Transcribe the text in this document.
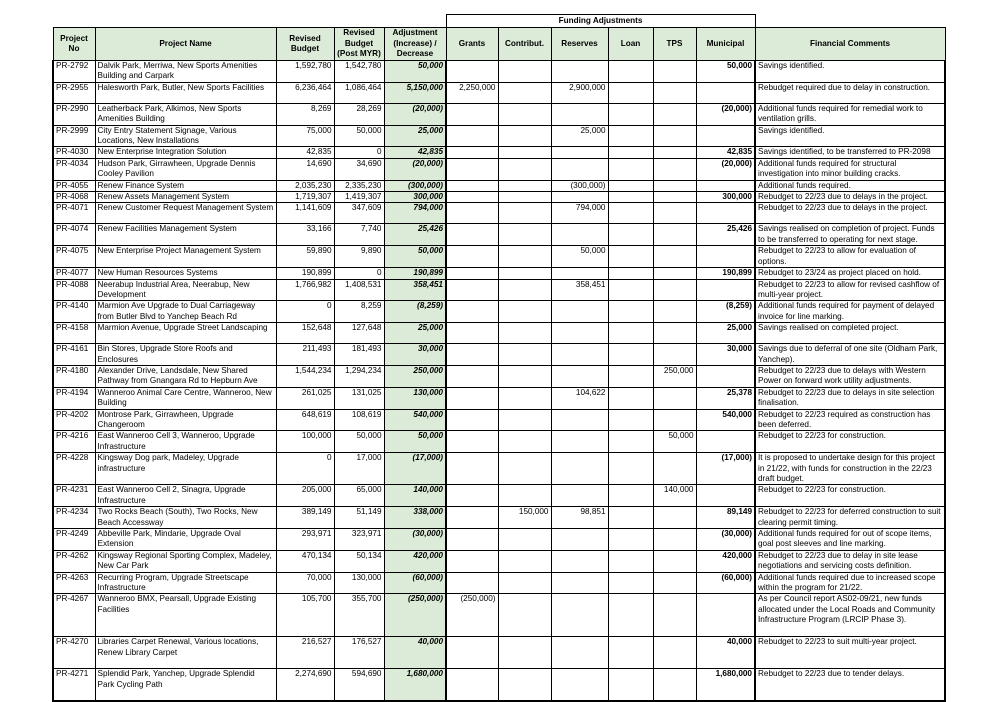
					Funding Adjustments						
Project No	Project Name	Revised Budget	Revised Budget (Post MYR)	Adjustment (Increase) / Decrease	Grants	Contribut.	Reserves	Loan	TPS	Municipal	Financial Comments
PR-2792	Dalvik Park, Merriwa, New Sports Amenities Building and Carpark	1,592,780	1,542,780	50,000						50,000	Savings identified.
PR-2955	Halesworth Park, Butler, New Sports Facilities	6,236,464	1,086,464	5,150,000	2,250,000		2,900,000				Rebudget required due to delay in construction.
PR-2990	Leatherback Park, Alkimos, New Sports Amenities Building	8,269	28,269	(20,000)						(20,000)	Additional funds required for remedial work to ventilation grills.
PR-2999	City Entry Statement Signage, Various Locations, New Installations	75,000	50,000	25,000			25,000				Savings identified.
PR-4030	New Enterprise Integration Solution	42,835	0	42,835						42,835	Savings identified, to be transferred to PR-2098
PR-4034	Hudson Park, Girrawheen, Upgrade Dennis Cooley Pavilion	14,690	34,690	(20,000)						(20,000)	Additional funds required for structural investigation into minor building cracks.
PR-4055	Renew Finance System	2,035,230	2,335,230	(300,000)			(300,000)				Additional funds required.
PR-4068	Renew Assets Management System	1,719,307	1,419,307	300,000						300,000	Rebudget to 22/23 due to delays in the project.
PR-4071	Renew Customer Request Management System	1,141,609	347,609	794,000			794,000				Rebudget to 22/23 due to delays in the project.
PR-4074	Renew Facilities Management System	33,166	7,740	25,426						25,426	Savings realised on completion of project. Funds to be transferred to operating for next stage.
PR-4075	New Enterprise Project Management System	59,890	9,890	50,000			50,000				Rebudget to 22/23 to allow for evaluation of options.
PR-4077	New Human Resources Systems	190,899	0	190,899						190,899	Rebudget to 23/24 as project placed on hold.
PR-4088	Neerabup Industrial Area, Neerabup, New Development	1,766,982	1,408,531	358,451			358,451				Rebudget to 22/23 to allow for revised cashflow of multi-year project.
PR-4140	Marmion Ave Upgrade to Dual Carriageway from Butler Blvd to Yanchep Beach Rd	0	8,259	(8,259)						(8,259)	Additional funds required for payment of delayed invoice for line marking.
PR-4158	Marmion Avenue, Upgrade Street Landscaping	152,648	127,648	25,000						25,000	Savings realised on completed project.
PR-4161	Bin Stores, Upgrade Store Roofs and Enclosures	211,493	181,493	30,000						30,000	Savings due to deferral of one site (Oldham Park, Yanchep).
PR-4180	Alexander Drive, Landsdale, New Shared Pathway from Gnangara Rd to Hepburn Ave	1,544,234	1,294,234	250,000					250,000		Rebudget to 22/23 due to delays with Western Power on forward work utility adjustments.
PR-4194	Wanneroo Animal Care Centre, Wanneroo, New Building	261,025	131,025	130,000			104,622			25,378	Rebudget to 22/23 due to delays in site selection finalisation.
PR-4202	Montrose Park, Girrawheen, Upgrade Changeroom	648,619	108,619	540,000						540,000	Rebudget to 22/23 required as construction has been deferred.
PR-4216	East Wanneroo Cell 3, Wanneroo, Upgrade Infrastructure	100,000	50,000	50,000					50,000		Rebudget to 22/23 for construction.
PR-4228	Kingsway Dog park, Madeley, Upgrade infrastructure	0	17,000	(17,000)						(17,000)	It is proposed to undertake design for this project in 21/22, with funds for construction in the 22/23 draft budget.
PR-4231	East Wanneroo Cell 2, Sinagra, Upgrade Infrastructure	205,000	65,000	140,000					140,000		Rebudget to 22/23 for construction.
PR-4234	Two Rocks Beach (South), Two Rocks, New Beach Accessway	389,149	51,149	338,000		150,000	98,851			89,149	Rebudget to 22/23 for deferred construction to suit clearing permit timing.
PR-4249	Abbeville Park, Mindarie, Upgrade Oval Extension	293,971	323,971	(30,000)						(30,000)	Additional funds required for out of scope items, goal post sleeves and line marking.
PR-4262	Kingsway Regional Sporting Complex, Madeley, New Car Park	470,134	50,134	420,000						420,000	Rebudget to 22/23 due to delay in site lease negotiations and servicing costs definition.
PR-4263	Recurring Program, Upgrade Streetscape Infrastructure	70,000	130,000	(60,000)						(60,000)	Additional funds required due to increased scope within the program for 21/22.
PR-4267	Wanneroo BMX, Pearsall, Upgrade Existing Facilities	105,700	355,700	(250,000)	(250,000)						As per Council report AS02-09/21, new funds allocated under the Local Roads and Community Infrastructure Program (LRCIP Phase 3).
PR-4270	Libraries Carpet Renewal, Various locations, Renew Library Carpet	216,527	176,527	40,000						40,000	Rebudget to 22/23 to suit multi-year project.
PR-4271	Splendid Park, Yanchep, Upgrade Splendid Park Cycling Path	2,274,690	594,690	1,680,000						1,680,000	Rebudget to 22/23 due to tender delays.
